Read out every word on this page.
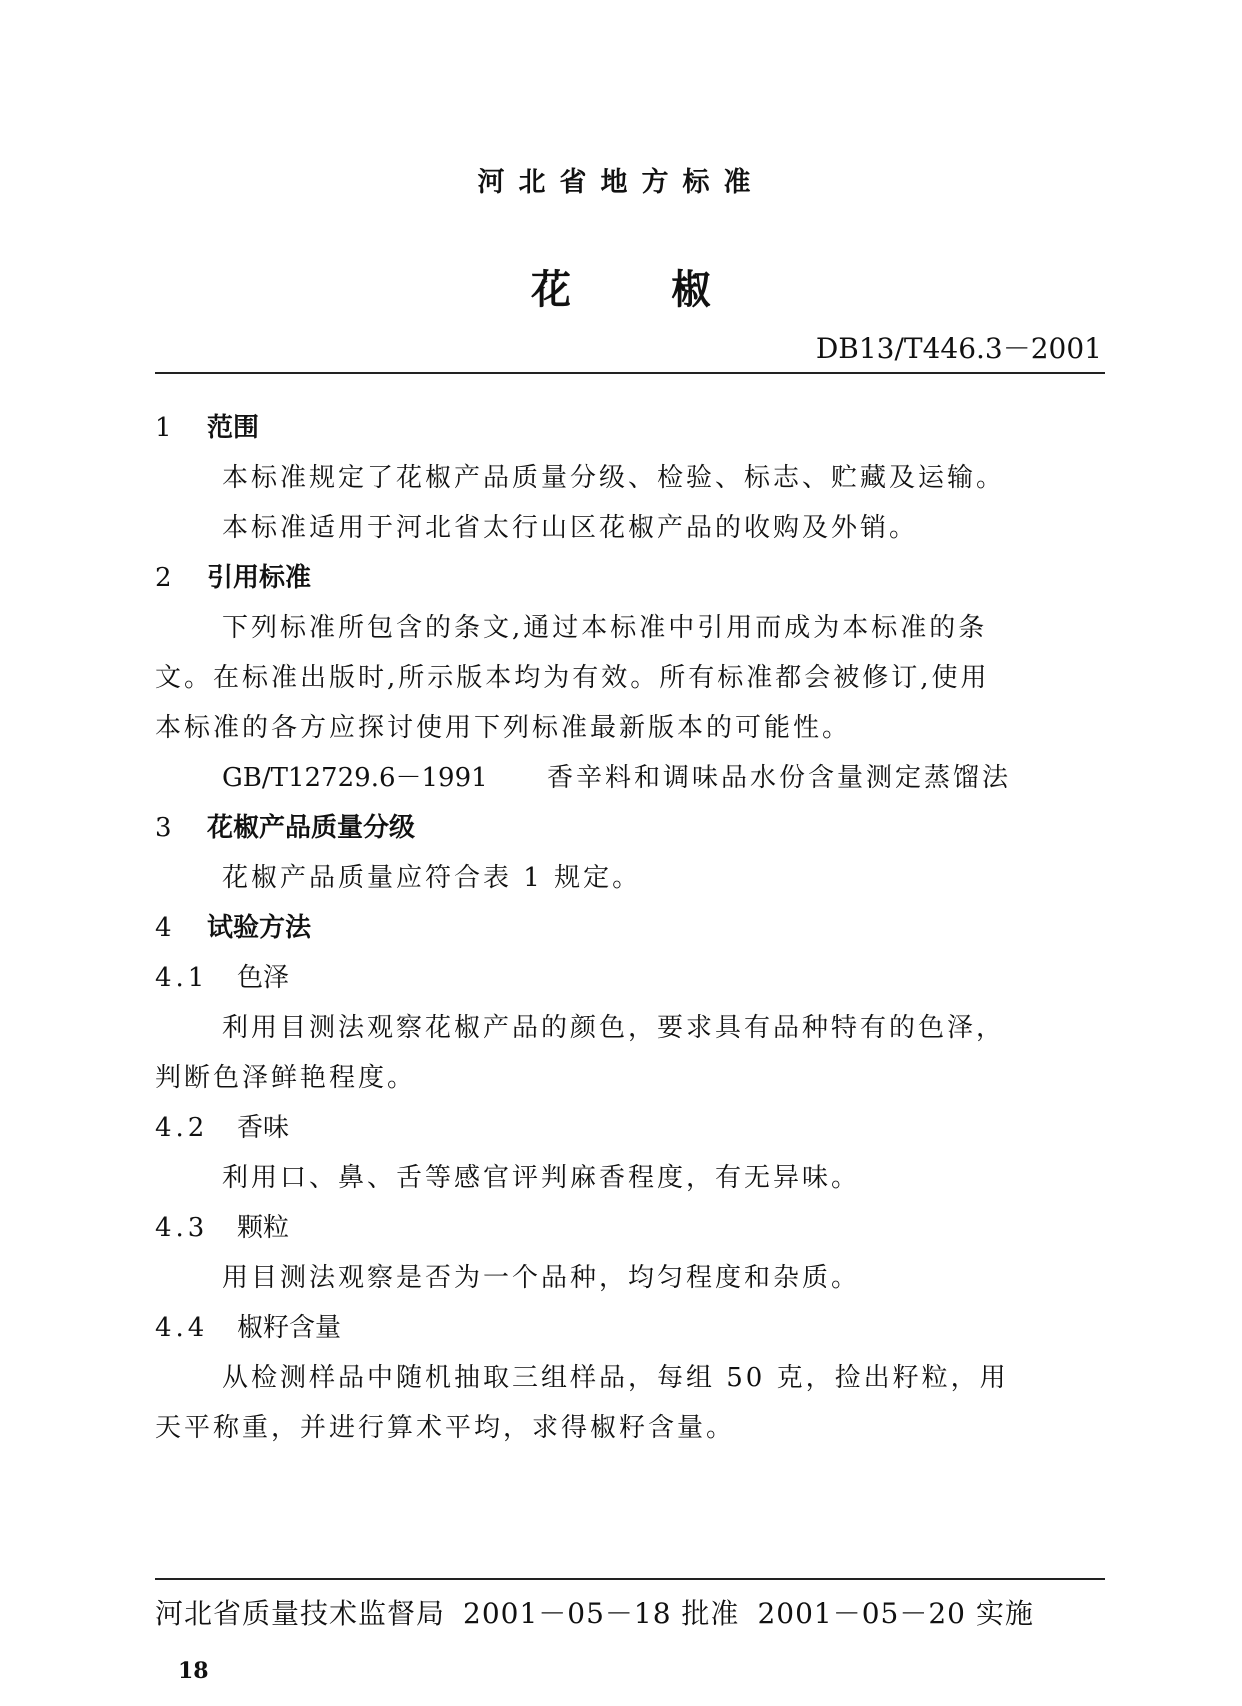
河北省地方标准
花椒
DB13/T446.3－2001
1 范围
本标准规定了花椒产品质量分级、检验、标志、贮藏及运输。
本标准适用于河北省太行山区花椒产品的收购及外销。
2 引用标准
下列标准所包含的条文,通过本标准中引用而成为本标准的条
文。在标准出版时,所示版本均为有效。所有标准都会被修订,使用
本标准的各方应探讨使用下列标准最新版本的可能性。
GB/T12729.6－1991 香辛料和调味品水份含量测定蒸馏法
3 花椒产品质量分级
花椒产品质量应符合表 1 规定。
4 试验方法
4.1 色泽
利用目测法观察花椒产品的颜色，要求具有品种特有的色泽，
判断色泽鲜艳程度。
4.2 香味
利用口、鼻、舌等感官评判麻香程度，有无异味。
4.3 颗粒
用目测法观察是否为一个品种，均匀程度和杂质。
4.4 椒籽含量
从检测样品中随机抽取三组样品，每组 50 克，捡出籽粒，用
天平称重，并进行算术平均，求得椒籽含量。
河北省质量技术监督局 2001－05－18 批准 2001－05－20 实施
18
